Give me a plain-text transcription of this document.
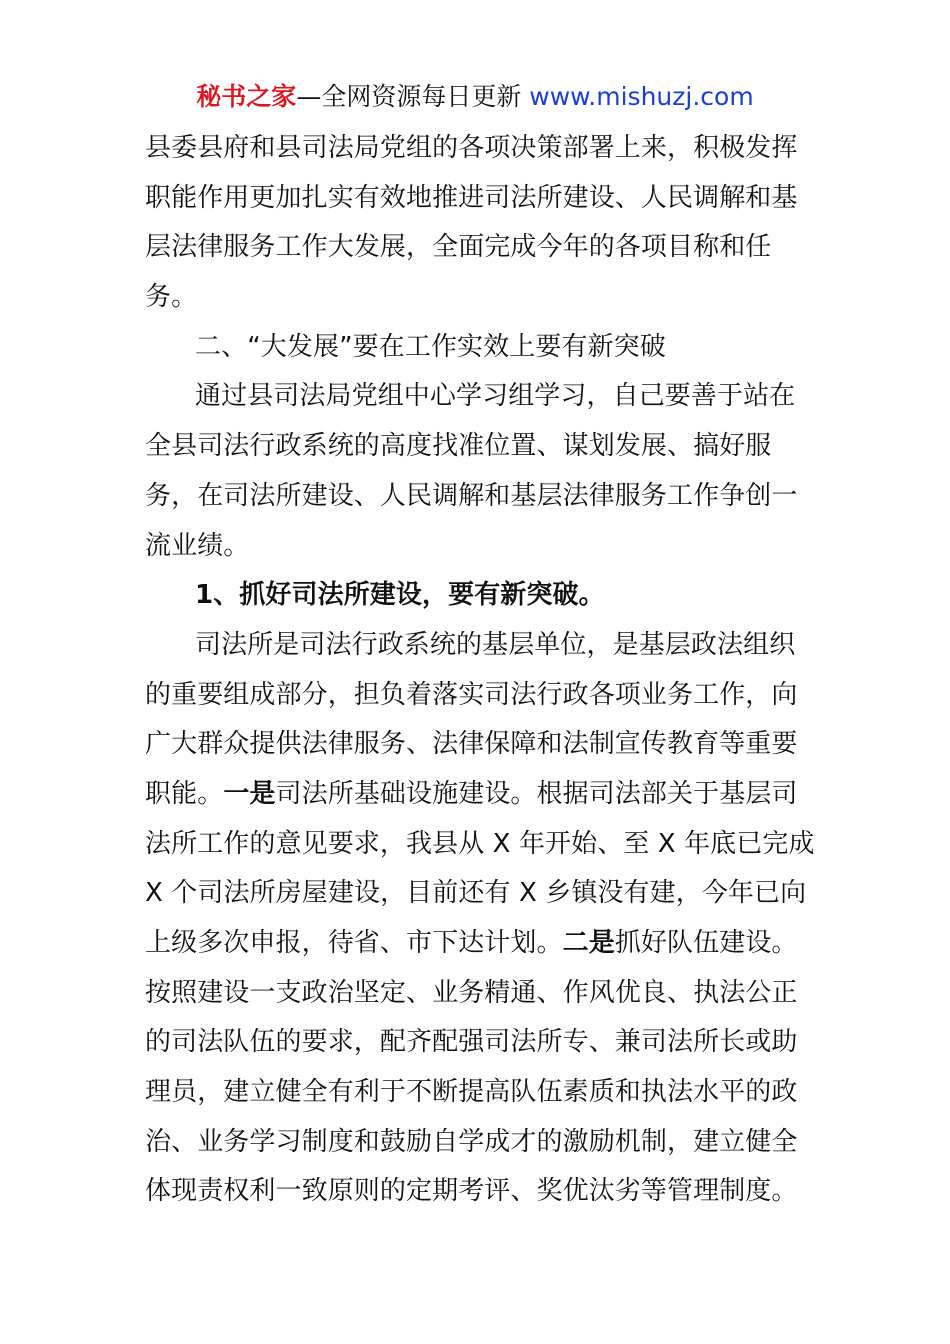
秘书之家—全网资源每日更新 www.mishuzj.com
县委县府和县司法局党组的各项决策部署上来，积极发挥
职能作用更加扎实有效地推进司法所建设、人民调解和基
层法律服务工作大发展，全面完成今年的各项目称和任
务。
二、“大发展”要在工作实效上要有新突破
通过县司法局党组中心学习组学习，自己要善于站在
全县司法行政系统的高度找准位置、谋划发展、搞好服
务，在司法所建设、人民调解和基层法律服务工作争创一
流业绩。
1、抓好司法所建设，要有新突破。
司法所是司法行政系统的基层单位，是基层政法组织
的重要组成部分，担负着落实司法行政各项业务工作，向
广大群众提供法律服务、法律保障和法制宣传教育等重要
职能。一是司法所基础设施建设。根据司法部关于基层司
法所工作的意见要求，我县从 X 年开始、至 X 年底已完成
X 个司法所房屋建设，目前还有 X 乡镇没有建，今年已向
上级多次申报，待省、市下达计划。二是抓好队伍建设。
按照建设一支政治坚定、业务精通、作风优良、执法公正
的司法队伍的要求，配齐配强司法所专、兼司法所长或助
理员，建立健全有利于不断提高队伍素质和执法水平的政
治、业务学习制度和鼓励自学成才的激励机制，建立健全
体现责权利一致原则的定期考评、奖优汰劣等管理制度。
